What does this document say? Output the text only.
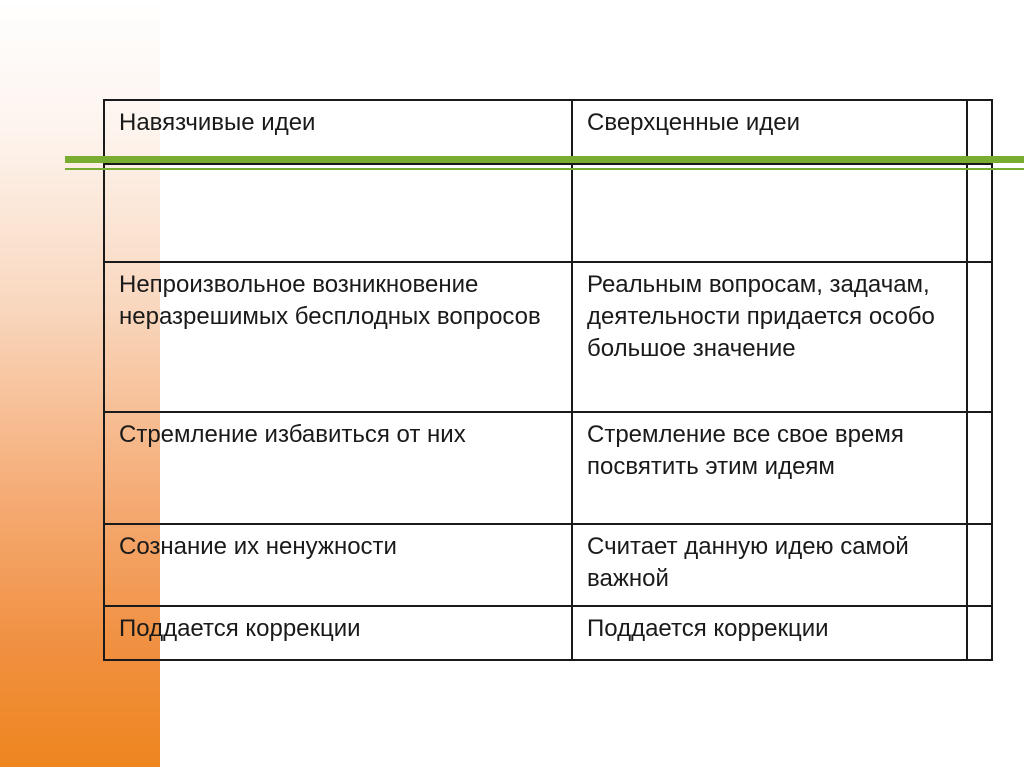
Навязчивые идеи	Сверхценные идеи	

Непроизвольное возникновение неразрешимых бесплодных вопросов	Реальным вопросам, задачам, деятельности придается особо большое значение	
Стремление избавиться от них	Стремление все свое время посвятить этим идеям	
Сознание их ненужности	Считает данную идею самой важной	
Поддается коррекции	Поддается коррекции	
